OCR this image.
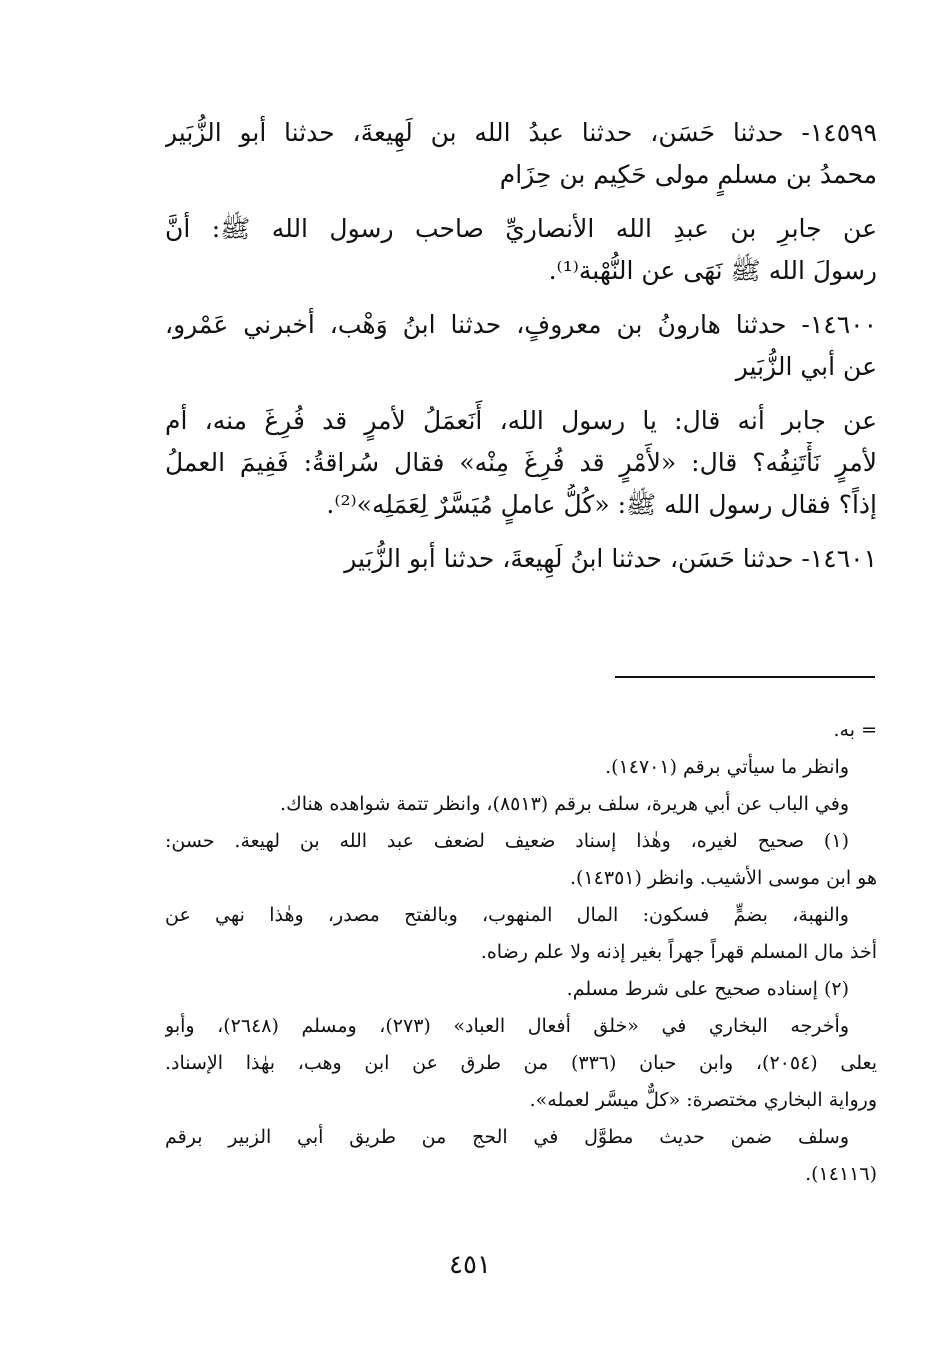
١٤٥٩٩- حدثنا حَسَن، حدثنا عبدُ الله بن لَهِيعةَ، حدثنا أبو الزُّبَير
محمدُ بن مسلمٍ مولى حَكِيم بن حِزَام
عن جابرِ بن عبدِ الله الأنصاريِّ صاحب رسول الله ﷺ: أنَّ
رسولَ الله ﷺ نَهَى عن النُّهْبة⁽¹⁾.
١٤٦٠٠- حدثنا هارونُ بن معروفٍ، حدثنا ابنُ وَهْب، أخبرني عَمْرو،
عن أبي الزُّبَير
عن جابر أنه قال: يا رسول الله، أَنَعمَلُ لأمرٍ قد فُرِغَ منه، أم
لأمرٍ نَأْتَنِفُه؟ قال: «لأَمْرٍ قد فُرِغَ مِنْه» فقال سُراقةُ: فَفِيمَ العملُ
إذاً؟ فقال رسول الله ﷺ: «كُلُّ عاملٍ مُيَسَّرٌ لِعَمَلِه»⁽²⁾.
١٤٦٠١- حدثنا حَسَن، حدثنا ابنُ لَهِيعةَ، حدثنا أبو الزُّبَير
= به.
وانظر ما سيأتي برقم (١٤٧٠١).
وفي الباب عن أبي هريرة، سلف برقم (٨٥١٣)، وانظر تتمة شواهده هناك.
(١) صحيح لغيره، وهٰذا إسناد ضعيف لضعف عبد الله بن لهيعة. حسن:
هو ابن موسى الأشيب. وانظر (١٤٣٥١).
والنهبة، بضمٍّ فسكون: المال المنهوب، وبالفتح مصدر، وهٰذا نهي عن
أخذ مال المسلم قهراً جهراً بغير إذنه ولا علم رضاه.
(٢) إسناده صحيح على شرط مسلم.
وأخرجه البخاري في «خلق أفعال العباد» (٢٧٣)، ومسلم (٢٦٤٨)، وأبو
يعلى (٢٠٥٤)، وابن حبان (٣٣٦) من طرق عن ابن وهب، بهٰذا الإسناد.
ورواية البخاري مختصرة: «كلٌّ ميسَّر لعمله».
وسلف ضمن حديث مطوَّل في الحج من طريق أبي الزبير برقم
(١٤١١٦).
٤٥١
